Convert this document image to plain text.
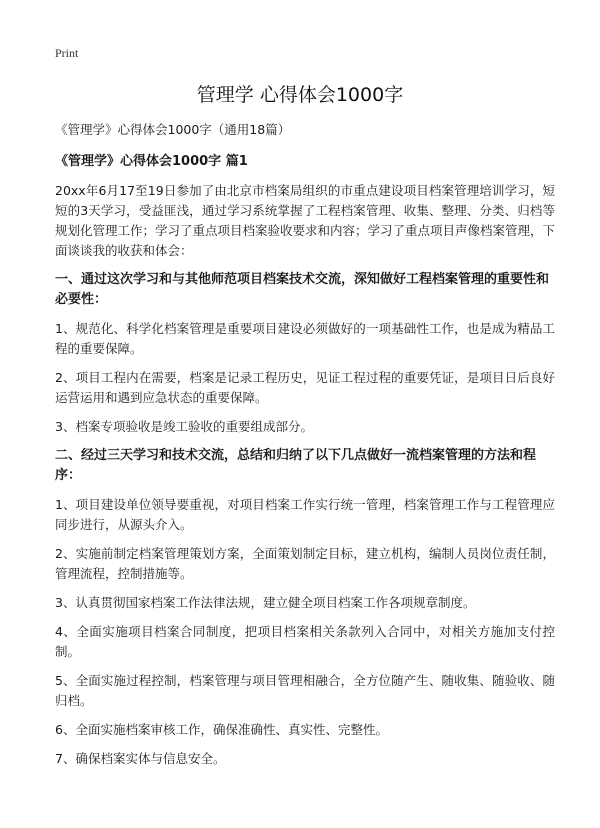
Print
管理学 心得体会1000字

《管理学》心得体会1000字（通用18篇）

《管理学》心得体会1000字 篇1

20xx年6月17至19日参加了由北京市档案局组织的市重点建设项目档案管理培训学习，短短的3天学习，受益匪浅，通过学习系统掌握了工程档案管理、收集、整理、分类、归档等规划化管理工作；学习了重点项目档案验收要求和内容；学习了重点项目声像档案管理，下面谈谈我的收获和体会：

一、通过这次学习和与其他师范项目档案技术交流，深知做好工程档案管理的重要性和必要性：

1、规范化、科学化档案管理是重要项目建设必须做好的一项基础性工作，也是成为精品工程的重要保障。

2、项目工程内在需要，档案是记录工程历史，见证工程过程的重要凭证，是项目日后良好运营运用和遇到应急状态的重要保障。

3、档案专项验收是竣工验收的重要组成部分。

二、经过三天学习和技术交流，总结和归纳了以下几点做好一流档案管理的方法和程序：

1、项目建设单位领导要重视，对项目档案工作实行统一管理，档案管理工作与工程管理应同步进行，从源头介入。

2、实施前制定档案管理策划方案，全面策划制定目标，建立机构，编制人员岗位责任制，管理流程，控制措施等。

3、认真贯彻国家档案工作法律法规，建立健全项目档案工作各项规章制度。

4、全面实施项目档案合同制度，把项目档案相关条款列入合同中，对相关方施加支付控制。

5、全面实施过程控制，档案管理与项目管理相融合，全方位随产生、随收集、随验收、随归档。

6、全面实施档案审核工作，确保准确性、真实性、完整性。

7、确保档案实体与信息安全。
